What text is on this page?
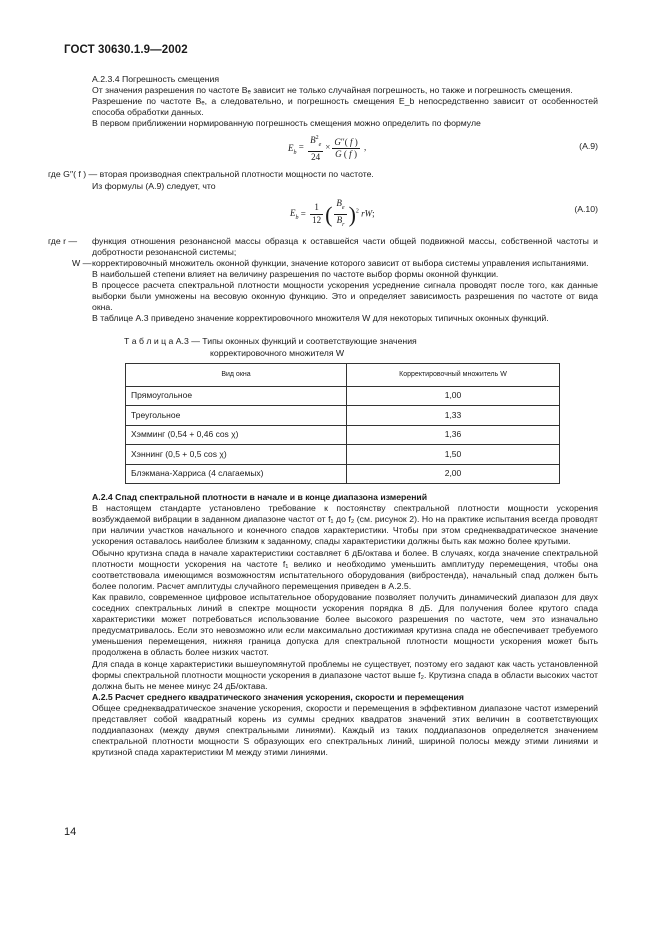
ГОСТ 30630.1.9—2002

А.2.3.4 Погрешность смещения

От значения разрешения по частоте Bₑ зависит не только случайная погрешность, но также и погрешность смещения.

Разрешение по частоте Bₑ, а следовательно, и погрешность смещения E_b непосредственно зависит от особенностей способа обработки данных.

В первом приближении нормированную погрешность смещения можно определить по формуле

$E_b = \frac{B^2_e}{24} \times \frac{G''( f )}{G ( f )}$ ,	(А.9)

где G′′( f ) — вторая производная спектральной плотности мощности по частоте.

Из формулы (А.9) следует, что

$E_b = \frac{1}{12}$ ( $\frac{B_e}{B_r} )^2$ rW;	(А.10)
где r —	функция отношения резонансной массы образца к оставшейся части общей подвижной массы, собственной частоты и добротности резонансной системы;

W — корректировочный множитель оконной функции, значение которого зависит от выбора системы управления испытаниями.

В наибольшей степени влияет на величину разрешения по частоте выбор формы оконной функции.

В процессе расчета спектральной плотности мощности ускорения усреднение сигнала проводят после того, как данные выборки были умножены на весовую оконную функцию. Это и определяет зависимость разрешения по частоте от вида окна.

В таблице А.3 приведено значение корректировочного множителя W для некоторых типичных оконных функций.

Т а б л и ц а А.3 — Типы оконных функций и соответствующие значения
корректировочного множителя W
Вид окна	Корректировочный множитель W
Прямоугольное	1,00
Треугольное	1,33
Хэмминг (0,54 + 0,46 cos χ)	1,36
Хэннинг (0,5 + 0,5 cos χ)	1,50
Блэкмана-Харриса (4 слагаемых)	2,00

А.2.4 Спад спектральной плотности в начале и в конце диапазона измерений

В настоящем стандарте установлено требование к постоянству спектральной плотности мощности ускорения возбуждаемой вибрации в заданном диапазоне частот от f₁ до f₂ (см. рисунок 2). Но на практике испытания всегда проводят при наличии участков начального и конечного спадов характеристики. Чтобы при этом среднеквадратическое значение ускорения оставалось наиболее близким к заданному, спады характеристики должны быть как можно более крутыми.

Обычно крутизна спада в начале характеристики составляет 6 дБ/октава и более. В случаях, когда значение спектральной плотности мощности ускорения на частоте f₁ велико и необходимо уменьшить амплитуду перемещения, чтобы она соответствовала имеющимся возможностям испытательного оборудования (вибростенда), начальный спад должен быть более пологим. Расчет амплитуды случайного перемещения приведен в А.2.5.

Как правило, современное цифровое испытательное оборудование позволяет получить динамический диапазон для двух соседних спектральных линий в спектре мощности ускорения порядка 8 дБ. Для получения более крутого спада характеристики может потребоваться использование более высокого разрешения по частоте, чем это изначально предусматривалось. Если это невозможно или если максимально достижимая крутизна спада не обеспечивает требуемого уменьшения перемещения, нижняя граница допуска для спектральной плотности мощности ускорения может быть продолжена в область более низких частот.

Для спада в конце характеристики вышеупомянутой проблемы не существует, поэтому его задают как часть установленной формы спектральной плотности мощности ускорения в диапазоне частот выше f₂. Крутизна спада в области высоких частот должна быть не менее минус 24 дБ/октава.

А.2.5 Расчет среднего квадратического значения ускорения, скорости и перемещения

Общее среднеквадратическое значение ускорения, скорости и перемещения в эффективном диапазоне частот измерений представляет собой квадратный корень из суммы средних квадратов значений этих величин в соответствующих поддиапазонах (между двумя спектральными линиями). Каждый из таких поддиапазонов определяется значением спектральной плотности мощности S образующих его спектральных линий, шириной полосы между этими линиями и крутизной спада характеристики M между этими линиями.

14
